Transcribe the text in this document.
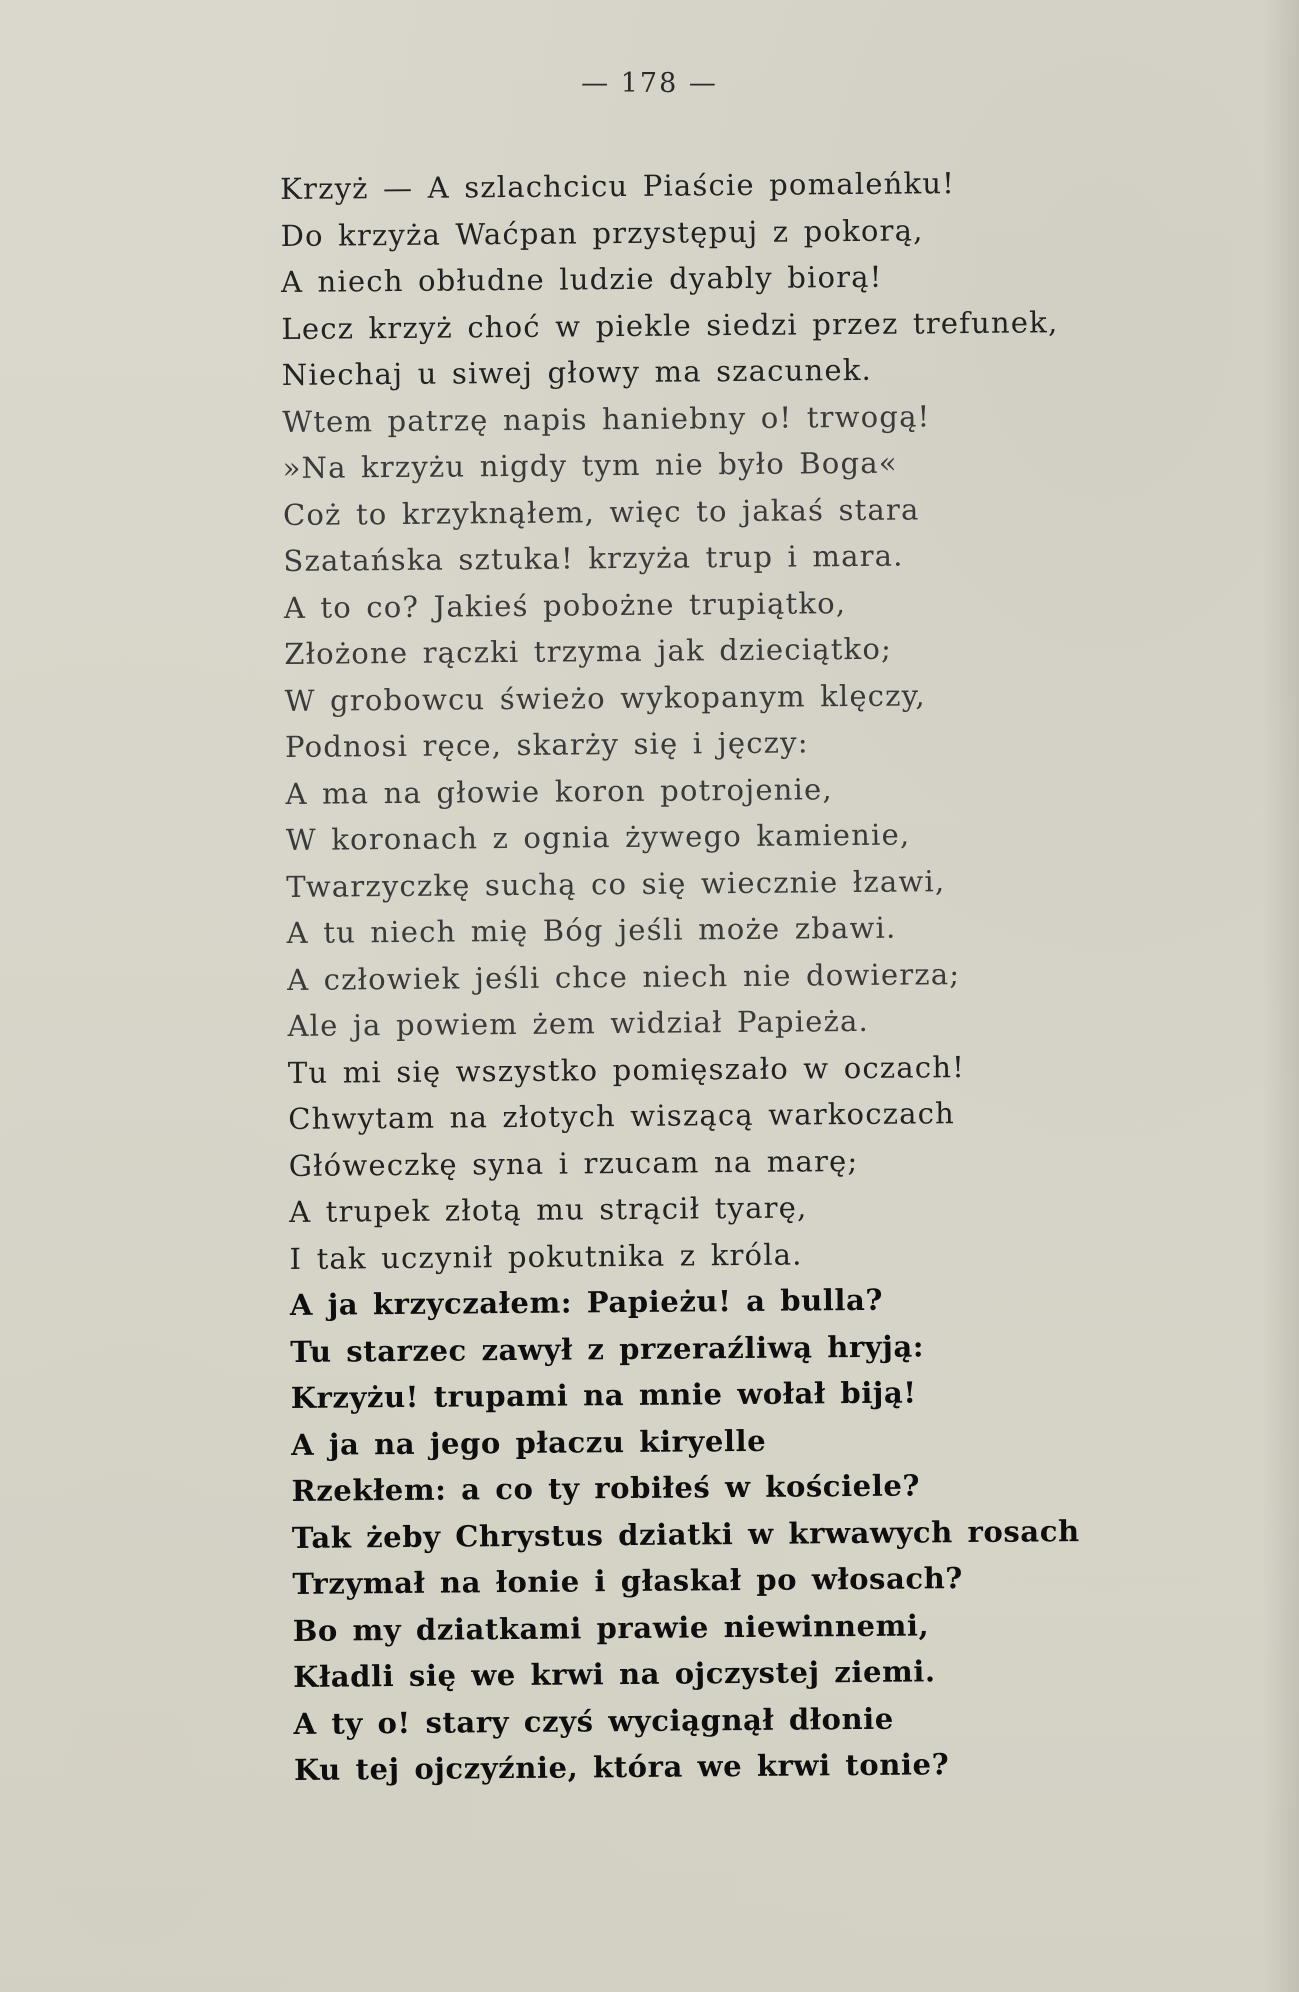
— 178 —
Krzyż — A szlachcicu Piaście pomaleńku!
Do krzyża Waćpan przystępuj z pokorą,
A niech obłudne ludzie dyably biorą!
Lecz krzyż choć w piekle siedzi przez trefunek,
Niechaj u siwej głowy ma szacunek.
Wtem patrzę napis haniebny o! trwogą!
»Na krzyżu nigdy tym nie było Boga«
Coż to krzyknąłem, więc to jakaś stara
Szatańska sztuka! krzyża trup i mara.
A to co? Jakieś pobożne trupiątko,
Złożone rączki trzyma jak dzieciątko;
W grobowcu świeżo wykopanym klęczy,
Podnosi ręce, skarży się i jęczy:
A ma na głowie koron potrojenie,
W koronach z ognia żywego kamienie,
Twarzyczkę suchą co się wiecznie łzawi,
A tu niech mię Bóg jeśli może zbawi.
A człowiek jeśli chce niech nie dowierza;
Ale ja powiem żem widział Papieża.
Tu mi się wszystko pomięszało w oczach!
Chwytam na złotych wiszącą warkoczach
Główeczkę syna i rzucam na marę;
A trupek złotą mu strącił tyarę,
I tak uczynił pokutnika z króla.
A ja krzyczałem: Papieżu! a bulla?
Tu starzec zawył z przeraźliwą hryją:
Krzyżu! trupami na mnie wołał biją!
A ja na jego płaczu kiryelle
Rzekłem: a co ty robiłeś w kościele?
Tak żeby Chrystus dziatki w krwawych rosach
Trzymał na łonie i głaskał po włosach?
Bo my dziatkami prawie niewinnemi,
Kładli się we krwi na ojczystej ziemi.
A ty o! stary czyś wyciągnął dłonie
Ku tej ojczyźnie, która we krwi tonie?
